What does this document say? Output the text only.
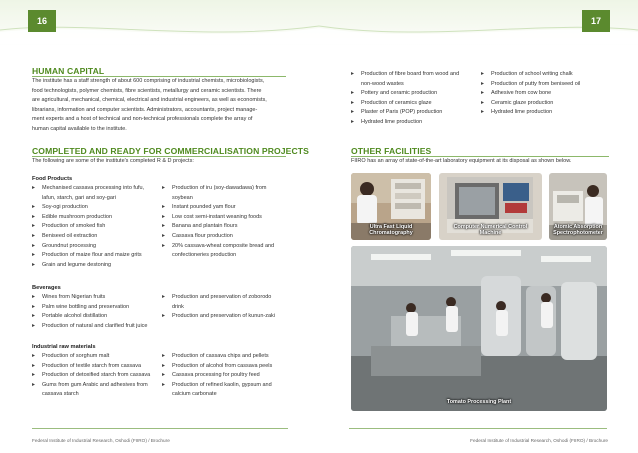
16
HUMAN CAPITAL
The institute has a staff strength of about 600 comprising of industrial chemists, microbiologists,
food technologists, polymer chemists, fibre scientists, metallurgy and ceramic scientists. There
are agricultural, mechanical, chemical, electrical and industrial engineers, as well as economists,
librarians, information and computer scientists. Administrators, accountants, project manage-
ment experts and a host of technical and non-technical professionals complete the array of
human capital available to the institute.
COMPLETED AND READY FOR COMMERCIALISATION PROJECTS
The following are some of the institute's completed R & D projects:
Food Products
▸ Mechanised cassava processing into fufu,
lafun, starch, gari and soy-gari
▸ Soy-ogi production
▸ Edible mushroom production
▸ Production of smoked fish
▸ Beniseed oil extraction
▸ Groundnut processing
▸ Production of maize flour and maize grits
▸ Grain and legume destoning
▸ Production of iru (soy-dawadawa) from
soybean
▸ Instant pounded yam flour
▸ Low cost semi-instant weaning foods
▸ Banana and plantain flours
▸ Cassava flour production
▸ 20% cassava-wheat composite bread and
confectioneries production
Beverages
▸ Wines from Nigerian fruits
▸ Palm wine bottling and preservation
▸ Portable alcohol distillation
▸ Production of natural and clarified fruit juice
▸ Production and preservation of zoborodo
drink
▸ Production and preservation of kunun-zaki
Industrial raw materials
▸ Production of sorghum malt
▸ Production of textile starch from cassava
▸ Production of detoxified starch from cassava
▸ Gums from gum Arabic and adhesives from
cassava starch
▸ Production of cassava chips and pellets
▸ Production of alcohol from cassava peels
▸ Cassava processing for poultry feed
▸ Production of refined kaolin, gypsum and
calcium carbonate
Federal Institute of Industrial Research, Oshodi (FIIRO) / Brochure
17
▸ Production of fibre board from wood and
non-wood wastes
▸ Pottery and ceramic production
▸ Production of ceramics glaze
▸ Plaster of Paris (POP) production
▸ Hydrated lime production
▸ Production of school writing chalk
▸ Production of putty from beniseed oil
▸ Adhesive from cow bone
▸ Ceramic glaze production
▸ Hydrated lime production
OTHER FACILITIES
FIIRO has an array of state-of-the-art laboratory equipment at its disposal as shown below.
Ultra Fast Liquid
Chromatography
Computer Numerical Control
Machine
Atomic Absorption
Spectrophotometer
Tomato Processing Plant
Federal Institute of Industrial Research, Oshodi (FIIRO) / Brochure
